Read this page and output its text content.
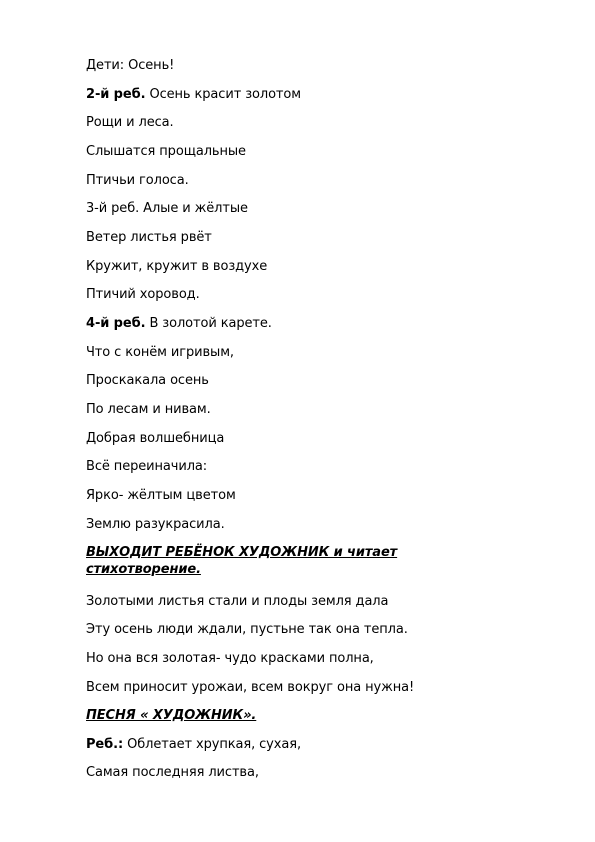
Дети: Осень!
2-й реб. Осень красит золотом
Рощи и леса.
Слышатся прощальные
Птичьи голоса.
3-й реб. Алые и жёлтые
Ветер листья рвёт
Кружит, кружит в воздухе
Птичий хоровод.
4-й реб. В золотой карете.
Что с конём игривым,
Проскакала осень
По лесам и нивам.
Добрая волшебница
Всё переиначила:
Ярко- жёлтым цветом
Землю разукрасила.
ВЫХОДИТ РЕБЁНОК ХУДОЖНИК и читает
стихотворение.
Золотыми листья стали и плоды земля дала
Эту осень люди ждали, пустьне так она тепла.
Но она вся золотая- чудо красками полна,
Всем приносит урожаи, всем вокруг она нужна!
ПЕСНЯ « ХУДОЖНИК».
Реб.: Облетает хрупкая, сухая,
Самая последняя листва,
